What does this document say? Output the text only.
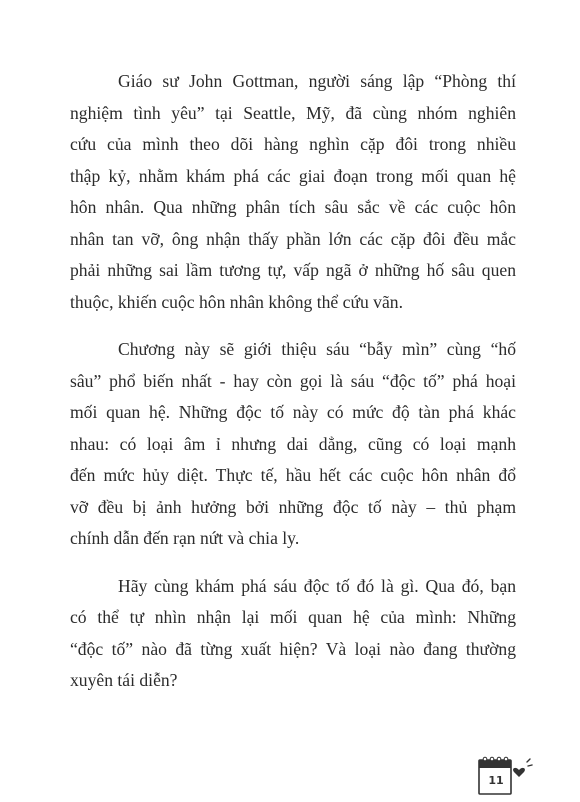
Giáo sư John Gottman, người sáng lập “Phòng thí
nghiệm tình yêu” tại Seattle, Mỹ, đã cùng nhóm nghiên
cứu của mình theo dõi hàng nghìn cặp đôi trong nhiều
thập kỷ, nhằm khám phá các giai đoạn trong mối quan hệ
hôn nhân. Qua những phân tích sâu sắc về các cuộc hôn
nhân tan vỡ, ông nhận thấy phần lớn các cặp đôi đều mắc
phải những sai lầm tương tự, vấp ngã ở những hố sâu quen
thuộc, khiến cuộc hôn nhân không thể cứu vãn.

Chương này sẽ giới thiệu sáu “bẫy mìn” cùng “hố
sâu” phổ biến nhất - hay còn gọi là sáu “độc tố” phá hoại
mối quan hệ. Những độc tố này có mức độ tàn phá khác
nhau: có loại âm ỉ nhưng dai dẳng, cũng có loại mạnh
đến mức hủy diệt. Thực tế, hầu hết các cuộc hôn nhân đổ
vỡ đều bị ảnh hưởng bởi những độc tố này – thủ phạm
chính dẫn đến rạn nứt và chia ly.

Hãy cùng khám phá sáu độc tố đó là gì. Qua đó, bạn
có thể tự nhìn nhận lại mối quan hệ của mình: Những
“độc tố” nào đã từng xuất hiện? Và loại nào đang thường
xuyên tái diễn?

11
